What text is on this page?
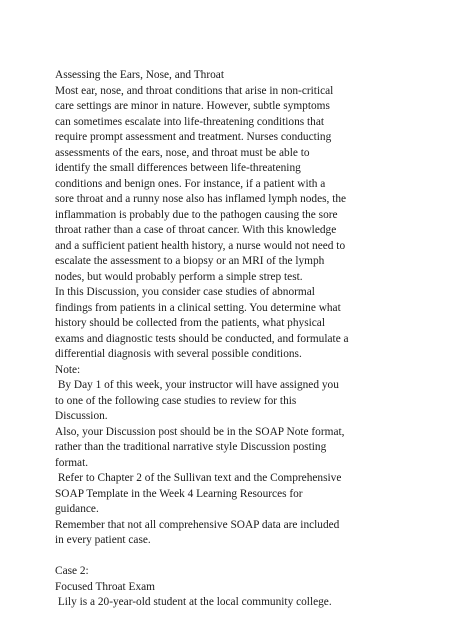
Assessing the Ears, Nose, and Throat
Most ear, nose, and throat conditions that arise in non-critical
care settings are minor in nature. However, subtle symptoms
can sometimes escalate into life-threatening conditions that
require prompt assessment and treatment. Nurses conducting
assessments of the ears, nose, and throat must be able to
identify the small differences between life-threatening
conditions and benign ones. For instance, if a patient with a
sore throat and a runny nose also has inflamed lymph nodes, the
inflammation is probably due to the pathogen causing the sore
throat rather than a case of throat cancer. With this knowledge
and a sufficient patient health history, a nurse would not need to
escalate the assessment to a biopsy or an MRI of the lymph
nodes, but would probably perform a simple strep test.
In this Discussion, you consider case studies of abnormal
findings from patients in a clinical setting. You determine what
history should be collected from the patients, what physical
exams and diagnostic tests should be conducted, and formulate a
differential diagnosis with several possible conditions.
Note:
By Day 1 of this week, your instructor will have assigned you
to one of the following case studies to review for this
Discussion.
Also, your Discussion post should be in the SOAP Note format,
rather than the traditional narrative style Discussion posting
format.
Refer to Chapter 2 of the Sullivan text and the Comprehensive
SOAP Template in the Week 4 Learning Resources for
guidance.
Remember that not all comprehensive SOAP data are included
in every patient case.
Case 2:
Focused Throat Exam
Lily is a 20-year-old student at the local community college.
